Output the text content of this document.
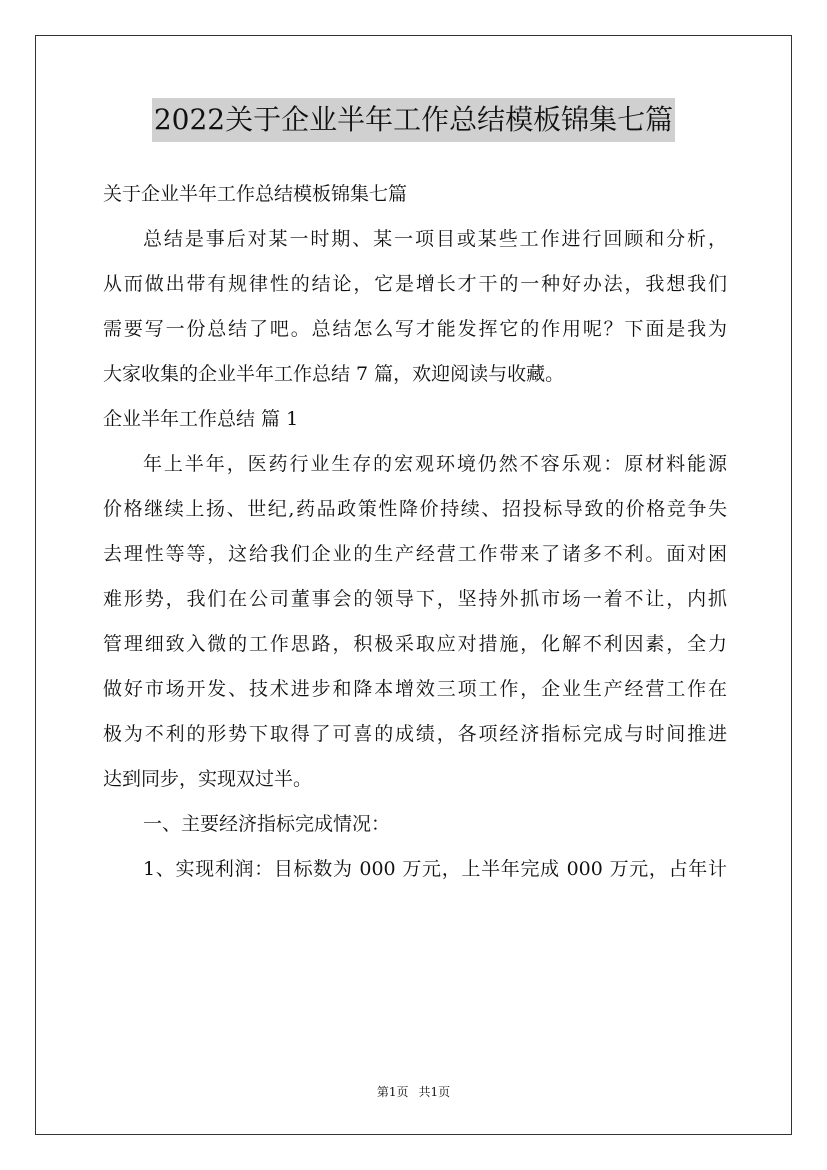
2022关于企业半年工作总结模板锦集七篇
关于企业半年工作总结模板锦集七篇
总结是事后对某一时期、某一项目或某些工作进行回顾和分析，
从而做出带有规律性的结论，它是增长才干的一种好办法，我想我们
需要写一份总结了吧。总结怎么写才能发挥它的作用呢？下面是我为
大家收集的企业半年工作总结 7 篇，欢迎阅读与收藏。
企业半年工作总结 篇 1
年上半年，医药行业生存的宏观环境仍然不容乐观：原材料能源
价格继续上扬、世纪,药品政策性降价持续、招投标导致的价格竞争失
去理性等等，这给我们企业的生产经营工作带来了诸多不利。面对困
难形势，我们在公司董事会的领导下，坚持外抓市场一着不让，内抓
管理细致入微的工作思路，积极采取应对措施，化解不利因素，全力
做好市场开发、技术进步和降本增效三项工作，企业生产经营工作在
极为不利的形势下取得了可喜的成绩，各项经济指标完成与时间推进
达到同步，实现双过半。
一、主要经济指标完成情况：
1、实现利润：目标数为 000 万元，上半年完成 000 万元，占年计
第1页 共1页
